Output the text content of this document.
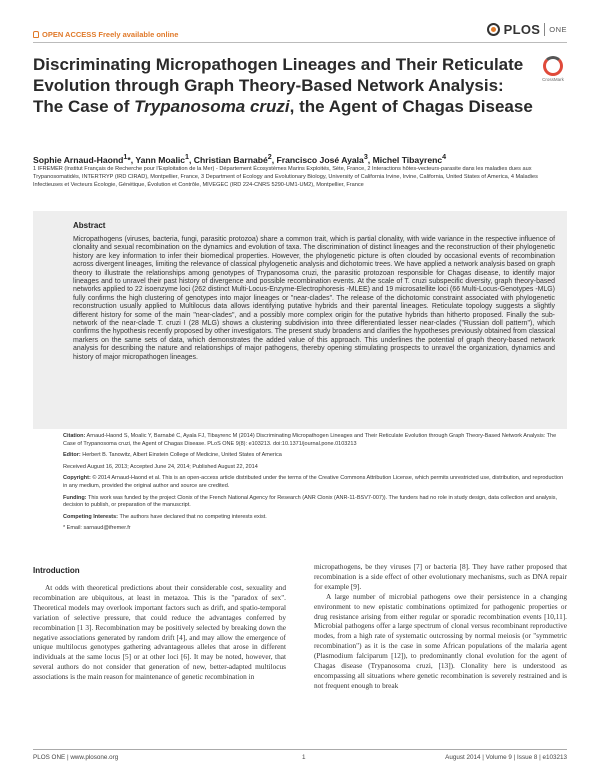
OPEN ACCESS Freely available online	PLOS ONE
Discriminating Micropathogen Lineages and Their Reticulate Evolution through Graph Theory-Based Network Analysis: The Case of Trypanosoma cruzi, the Agent of Chagas Disease
CrossMark
Sophie Arnaud-Haond$^1$*, Yann Moalic$^1$, Christian Barnabé$^2$, Francisco José Ayala$^3$, Michel Tibayrenc$^4$
1 IFREMER (Institut Français de Recherche pour l'Exploitation de la Mer) - Département Écosystèmes Marins Exploités, Sète, France, 2 Interactions hôtes-vecteurs-parasite dans les maladies dues aux Trypanosomatidés, INTERTRYP (IRD CIRAD), Montpellier, France, 3 Department of Ecology and Evolutionary Biology, University of California Irvine, Irvine, California, United States of America, 4 Maladies Infectieuses et Vecteurs Écologie, Génétique, Évolution et Contrôle, MIVEGEC (IRD 224-CNRS 5290-UM1-UM2), Montpellier, France
Abstract

Micropathogens (viruses, bacteria, fungi, parasitic protozoa) share a common trait, which is partial clonality, with wide variance in the respective influence of clonality and sexual recombination on the dynamics and evolution of taxa. The discrimination of distinct lineages and the reconstruction of their phylogenetic history are key information to infer their biomedical properties. However, the phylogenetic picture is often clouded by occasional events of recombination across divergent lineages, limiting the relevance of classical phylogenetic analysis and dichotomic trees. We have applied a network analysis based on graph theory to illustrate the relationships among genotypes of Trypanosoma cruzi, the parasitic protozoan responsible for Chagas disease, to identify major lineages and to unravel their past history of divergence and possible recombination events. At the scale of T. cruzi subspecific diversity, graph theory-based networks applied to 22 isoenzyme loci (262 distinct Multi-Locus-Enzyme-Electrophoresis -MLEE) and 19 microsatellite loci (66 Multi-Locus-Genotypes -MLG) fully confirms the high clustering of genotypes into major lineages or "near-clades". The release of the dichotomic constraint associated with phylogenetic reconstruction usually applied to Multilocus data allows identifying putative hybrids and their parental lineages. Reticulate topology suggests a slightly different history for some of the main "near-clades", and a possibly more complex origin for the putative hybrids than hitherto proposed. Finally the sub-network of the near-clade T. cruzi I (28 MLG) shows a clustering subdivision into three differentiated lesser near-clades ("Russian doll pattern"), which confirms the hypothesis recently proposed by other investigators. The present study broadens and clarifies the hypotheses previously obtained from classical markers on the same sets of data, which demonstrates the added value of this approach. This underlines the potential of graph theory-based network analysis for describing the nature and relationships of major pathogens, thereby opening stimulating prospects to unravel the organization, dynamics and history of major micropathogen lineages.

Citation: Arnaud-Haond S, Moalic Y, Barnabé C, Ayala FJ, Tibayrenc M (2014) Discriminating Micropathogen Lineages and Their Reticulate Evolution through Graph Theory-Based Network Analysis: The Case of Trypanosoma cruzi, the Agent of Chagas Disease. PLoS ONE 9(8): e103213. doi:10.1371/journal.pone.0103213

Editor: Herbert B. Tanowitz, Albert Einstein College of Medicine, United States of America

Received August 16, 2013; Accepted June 24, 2014; Published August 22, 2014

Copyright: © 2014 Arnaud-Haond et al. This is an open-access article distributed under the terms of the Creative Commons Attribution License, which permits unrestricted use, distribution, and reproduction in any medium, provided the original author and source are credited.

Funding: This work was funded by the project Clonix of the French National Agency for Research (ANR Clonix (ANR-11-BSV7-007)). The funders had no role in study design, data collection and analysis, decision to publish, or preparation of the manuscript.

Competing Interests: The authors have declared that no competing interests exist.

* Email: sarnaud@ifremer.fr

Introduction

At odds with theoretical predictions about their considerable cost, sexuality and recombination are ubiquitous, at least in metazoa. This is the "paradox of sex". Theoretical models may overlook important factors such as drift, and spatio-temporal variation of selective pressure, that could reduce the advantages conferred by recombination [1 3]. Recombination may be positively selected by breaking down the negative associations generated by random drift [4], and may allow the emergence of unique multilocus genotypes gathering advantageous alleles that arose in different individuals at the same locus [5] or at other loci [6]. It may be noted, however, that several authors do not consider that generation of new, better-adapted multilocus associations is the main reason for maintenance of genetic recombination in

micropathogens, be they viruses [7] or bacteria [8]. They have rather proposed that recombination is a side effect of other evolutionary mechanisms, such as DNA repair for example [9].

A large number of microbial pathogens owe their persistence in a changing environment to new epistatic combinations optimized for pathogenic properties or drug resistance arising from either regular or sporadic recombination events [10,11]. Microbial pathogens offer a large spectrum of clonal versus recombinant reproductive modes, from a high rate of systematic outcrossing by normal meiosis (or "symmetric recombination") as it is the case in some African populations of the malaria agent (Plasmodium falciparum [12]), to predominantly clonal evolution for the agent of Chagas disease (Trypanosoma cruzi, [13]). Clonality here is understood as encompassing all situations where genetic recombination is severely restrained and is not frequent enough to break

PLOS ONE | www.plosone.org	1	August 2014 | Volume 9 | Issue 8 | e103213
